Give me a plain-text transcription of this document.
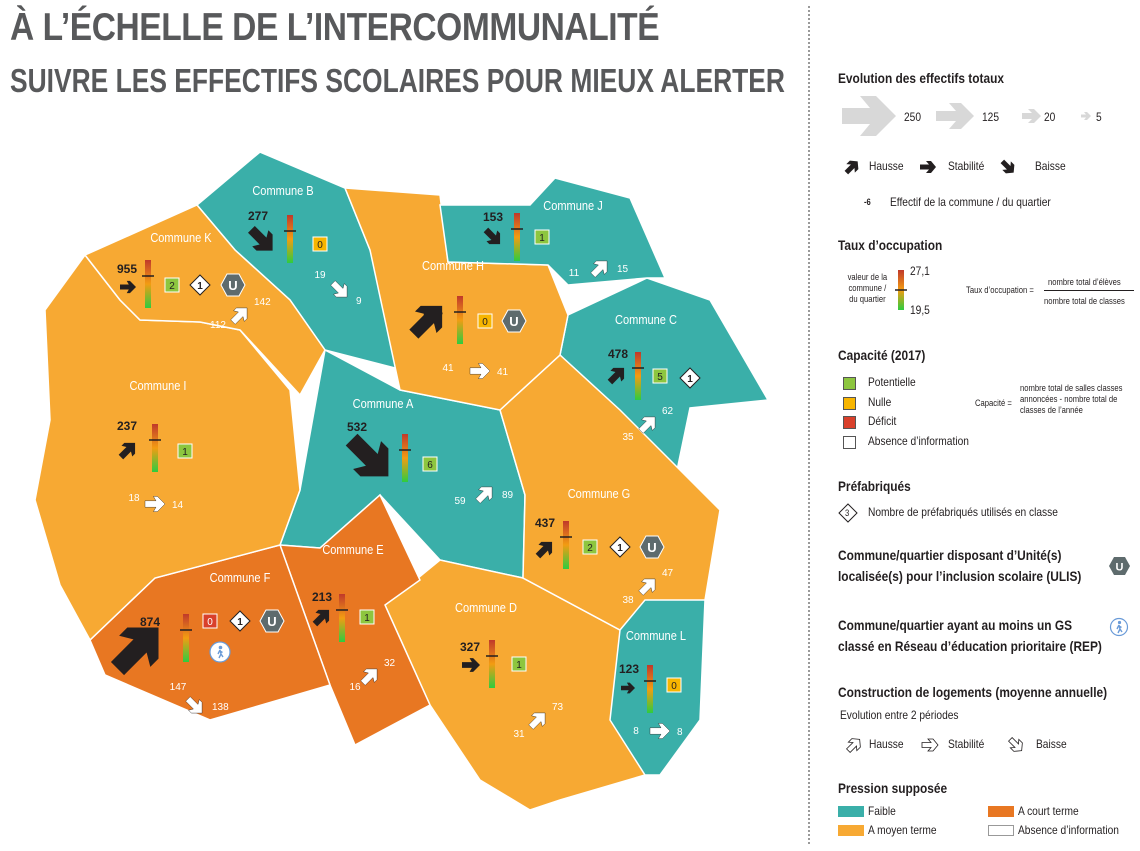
À L’ÉCHELLE DE L’INTERCOMMUNALITÉ
SUIVRE LES EFFECTIFS SCOLAIRES POUR MIEUX ALERTER
Commune A
532
6
59
89
Commune B
277
0
19
9
Commune C
478
5 1
35
62
Commune D
327
1
31
73
Commune E
213
1
16
32
Commune F
874	0 1 U
147
138
Commune G
437
2 1 U
38
47
Commune H
0 U
41	41
Commune I
237
1
18
14
Commune J
153
1
11	15
Commune K
955
2 1 U
112
142
Commune L
123
0
8	8
Evolution des effectifs totaux
250	125	20	5
Hausse	Stabilité	Baisse
-6 Effectif de la commune / du quartier
Taux d’occupation
valeur de la commune / du quartier
27,1
19,5
Taux d’occupation =
nombre total d’élèves
nombre total de classes
Capacité (2017)
Potentielle
Nulle
Déficit
Absence d’information
Capacité =
nombre total de salles classes annoncées - nombre total de classes de l’année
Préfabriqués
3 Nombre de préfabriqués utilisés en classe
Commune/quartier disposant d’Unité(s)
localisée(s) pour l’inclusion scolaire (ULIS)
U
Commune/quartier ayant au moins un GS
classé en Réseau d’éducation prioritaire (REP)
Construction de logements (moyenne annuelle)
Evolution entre 2 périodes
Hausse	Stabilité	Baisse
Pression supposée
Faible
A moyen terme
A court terme
Absence d’information
